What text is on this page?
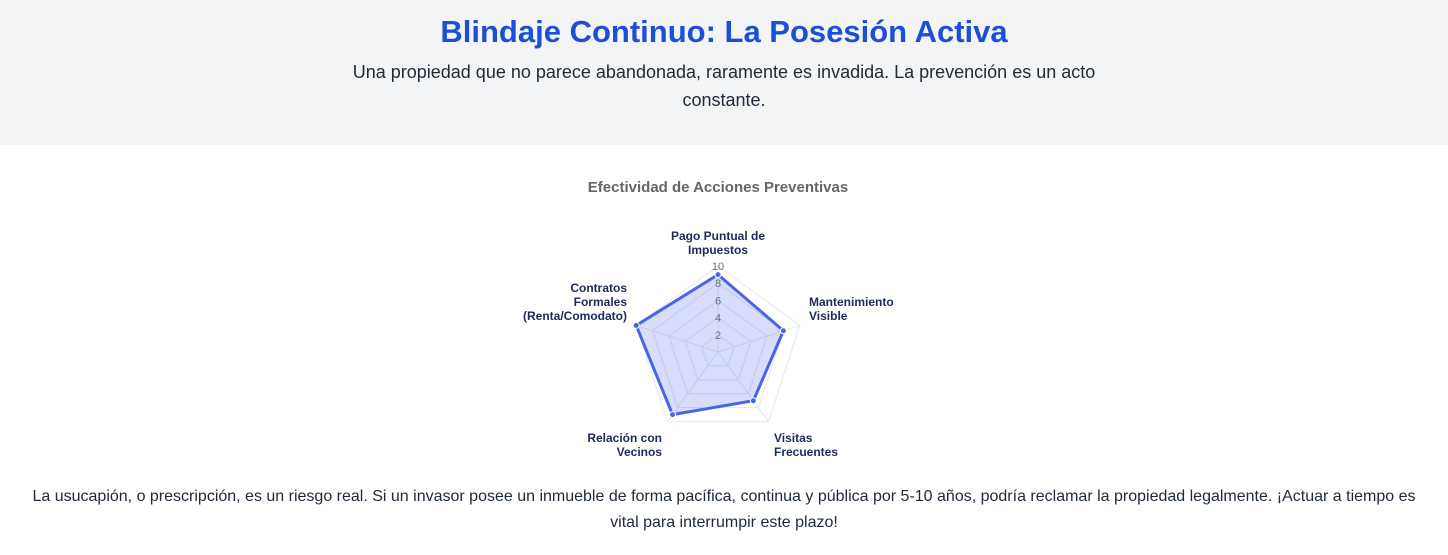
Blindaje Continuo: La Posesión Activa

Una propiedad que no parece abandonada, raramente es invadida. La prevención es un acto constante.

Efectividad de Acciones Preventivas
2
4
6
8
10
Pago Puntual de Impuestos
Mantenimiento Visible
Visitas Frecuentes
Relación con Vecinos
Contratos Formales (Renta/Comodato)
La usucapión, o prescripción, es un riesgo real. Si un invasor posee un inmueble de forma pacífica, continua y pública por 5-10 años, podría reclamar la propiedad legalmente. ¡Actuar a tiempo es vital para interrumpir este plazo!
